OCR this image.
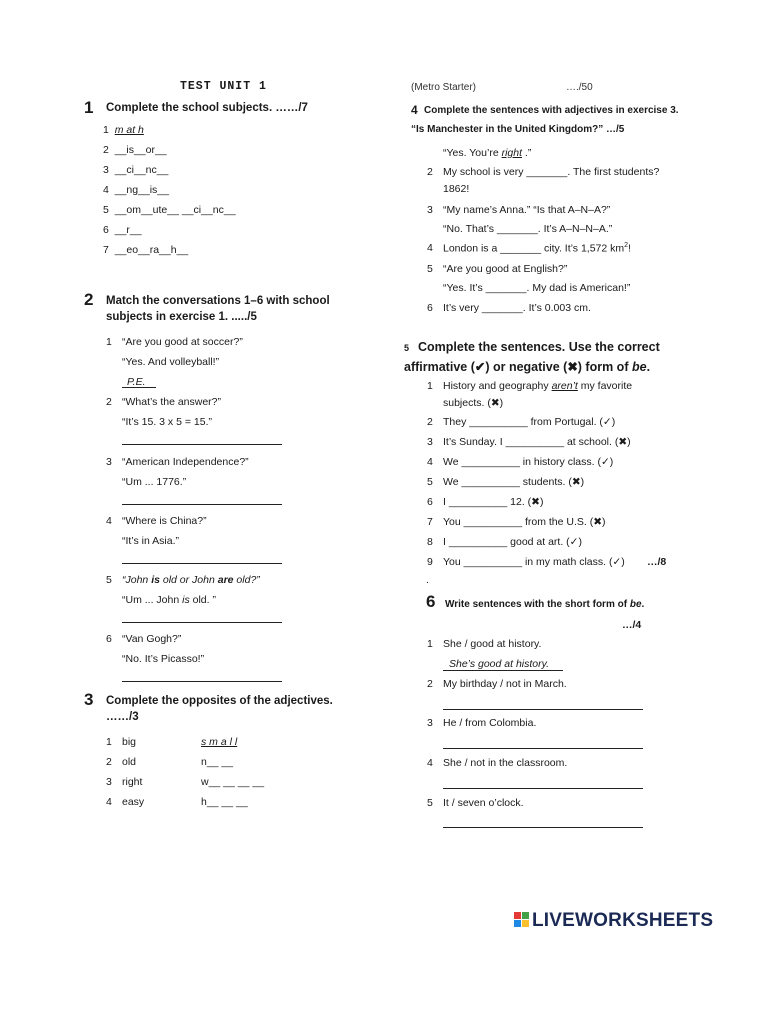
TEST UNIT 1
1 Complete the school subjects. ……/7
1 m at h
2 __is__or__
3 __ci__nc__
4 __ng__is__
5 __om__ute__ __ci__nc__
6 __r__
7 __eo__ra__h__
2 Match the conversations 1–6 with school
subjects in exercise 1. ...../5
1 “Are you good at soccer?”
“Yes. And volleyball!”
P.E.
2 “What’s the answer?”
“It’s 15. 3 x 5 = 15.”
3 “American Independence?”
“Um ... 1776.”
4 “Where is China?”
“It’s in Asia.”
5 “John is old or John are old?”
“Um ... John is old. ”
6 “Van Gogh?”
“No. It’s Picasso!”
3 Complete the opposites of the adjectives.
……/3
1 big	s m a l l
2 old	n__ __
3 right	w__ __ __ __
4 easy	h__ __ __
(Metro Starter)	…./50
4 Complete the sentences with adjectives in exercise 3.
“Is Manchester in the United Kingdom?” …/5
“Yes. You’re right .”
2 My school is very _______. The first students?
1862!
3 “My name’s Anna.” “Is that A–N–A?”
“No. That’s _______. It’s A–N–N–A.”
4 London is a _______ city. It’s 1,572 $km^2$!
5 “Are you good at English?”
“Yes. It’s _______. My dad is American!”
6 It’s very _______. It’s 0.003 cm.
5 Complete the sentences. Use the correct
affirmative (✔) or negative (✖) form of be.
1 History and geography aren’t my favorite
subjects. (✖)
2 They __________ from Portugal. (✓)
3 It’s Sunday. I __________ at school. (✖)
4 We __________ in history class. (✓)
5 We __________ students. (✖)
6 I __________ 12. (✖)
7 You __________ from the U.S. (✖)
8 I __________ good at art. (✓)
9 You __________ in my math class. (✓) …/8
.
6 Write sentences with the short form of be.
…/4
1 She / good at history.
She’s good at history.
2 My birthday / not in March.
3 He / from Colombia.
4 She / not in the classroom.
5 It / seven o’clock.
LIVEWORKSHEETS
